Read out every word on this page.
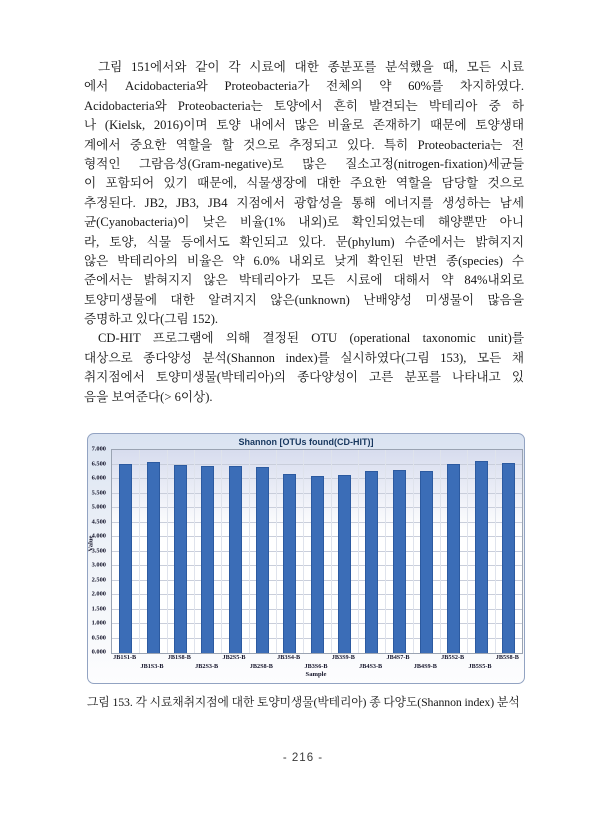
그림 151에서와 같이 각 시료에 대한 종분포를 분석했을 때, 모든 시료
에서 Acidobacteria와 Proteobacteria가 전체의 약 60%를 차지하였다.
Acidobacteria와 Proteobacteria는 토양에서 흔히 발견되는 박테리아 중 하
나 (Kielsk, 2016)이며 토양 내에서 많은 비율로 존재하기 때문에 토양생태
계에서 중요한 역할을 할 것으로 추정되고 있다. 특히 Proteobacteria는 전
형적인 그람음성(Gram-negative)로 많은 질소고정(nitrogen-fixation)세균들
이 포함되어 있기 때문에, 식물생장에 대한 주요한 역할을 담당할 것으로
추정된다. JB2, JB3, JB4 지점에서 광합성을 통해 에너지를 생성하는 남세
균(Cyanobacteria)이 낮은 비율(1% 내외)로 확인되었는데 해양뿐만 아니
라, 토양, 식물 등에서도 확인되고 있다. 문(phylum) 수준에서는 밝혀지지
않은 박테리아의 비율은 약 6.0% 내외로 낮게 확인된 반면 종(species) 수
준에서는 밝혀지지 않은 박테리아가 모든 시료에 대해서 약 84%내외로
토양미생물에 대한 알려지지 않은(unknown) 난배양성 미생물이 많음을
증명하고 있다(그림 152).
CD-HIT 프로그램에 의해 결정된 OTU (operational taxonomic unit)를
대상으로 종다양성 분석(Shannon index)를 실시하였다(그림 153), 모든 채
취지점에서 토양미생물(박테리아)의 종다양성이 고른 분포를 나타내고 있
음을 보여준다(> 6이상).
Shannon [OTUs found(CD-HIT)]
Value
0.000
0.500
1.000
1.500
2.000
2.500
3.000
3.500
4.000
4.500
5.000
5.500
6.000
6.500
7.000
JB1S1-B
JB1S3-B
JB1S8-B
JB2S3-B
JB2S5-B
JB2S8-B
JB3S4-B
JB3S6-B
JB3S9-B
JB4S3-B
JB4S7-B
JB4S9-B
JB5S2-B
JB5S5-B
JB5S8-B
Sample
그림 153. 각 시료채취지점에 대한 토양미생물(박테리아) 종 다양도(Shannon index) 분석
- 216 -
